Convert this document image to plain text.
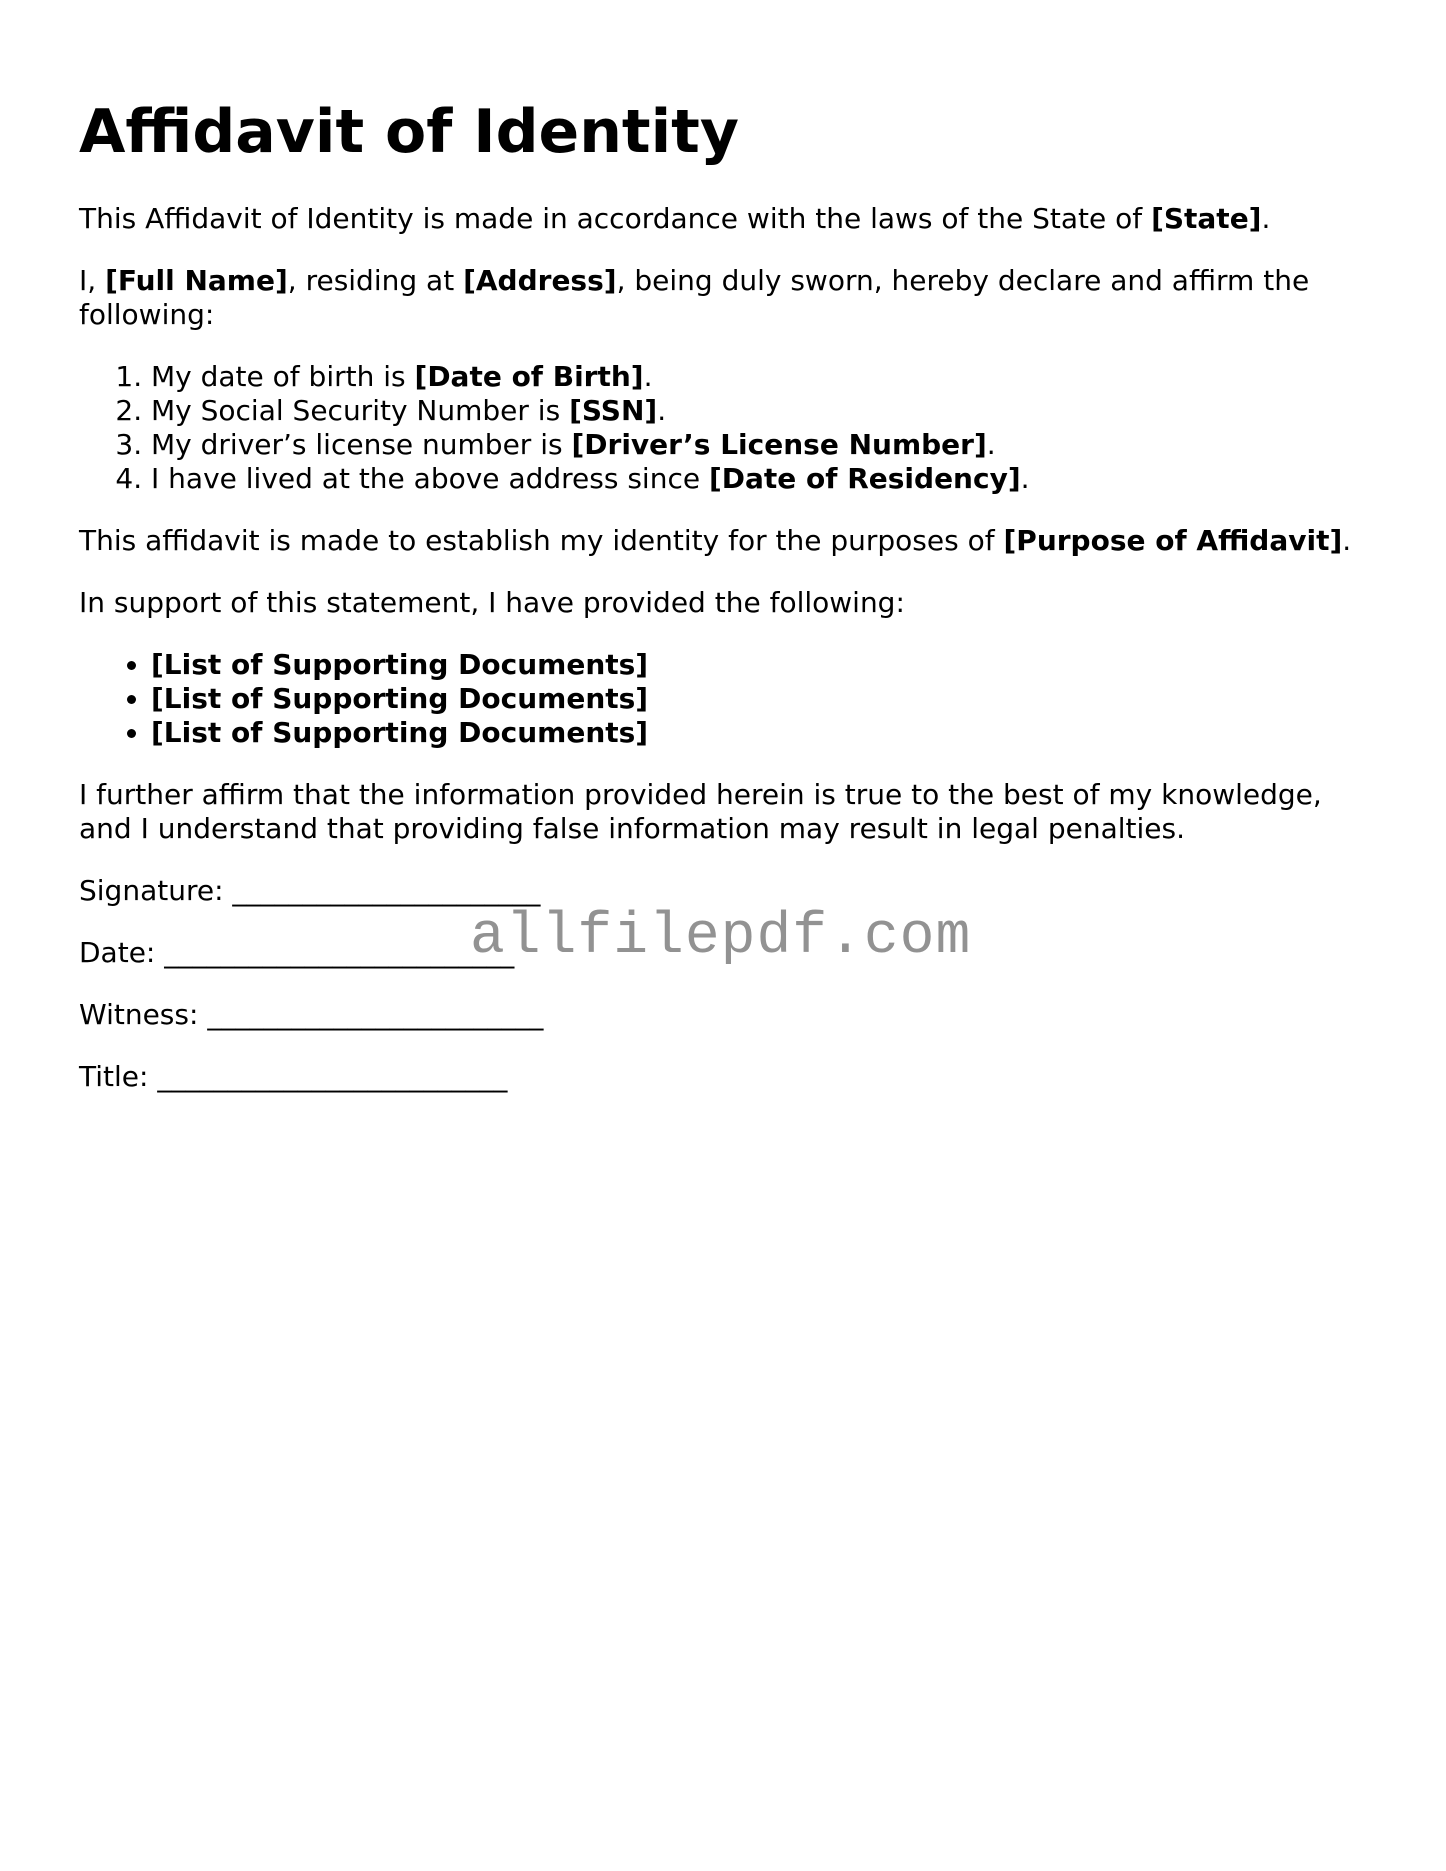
Affidavit of Identity

This Affidavit of Identity is made in accordance with the laws of the State of [State].

I, [Full Name], residing at [Address], being duly sworn, hereby declare and affirm the following:

1. My date of birth is [Date of Birth].
2. My Social Security Number is [SSN].
3. My driver’s license number is [Driver’s License Number].
4. I have lived at the above address since [Date of Residency].

This affidavit is made to establish my identity for the purposes of [Purpose of Affidavit].

In support of this statement, I have provided the following:

• [List of Supporting Documents]
• [List of Supporting Documents]
• [List of Supporting Documents]

I further affirm that the information provided herein is true to the best of my knowledge, and I understand that providing false information may result in legal penalties.

Signature: ______________________
Date: _________________________
Witness: ________________________
Title: _________________________
allfilepdf.com
